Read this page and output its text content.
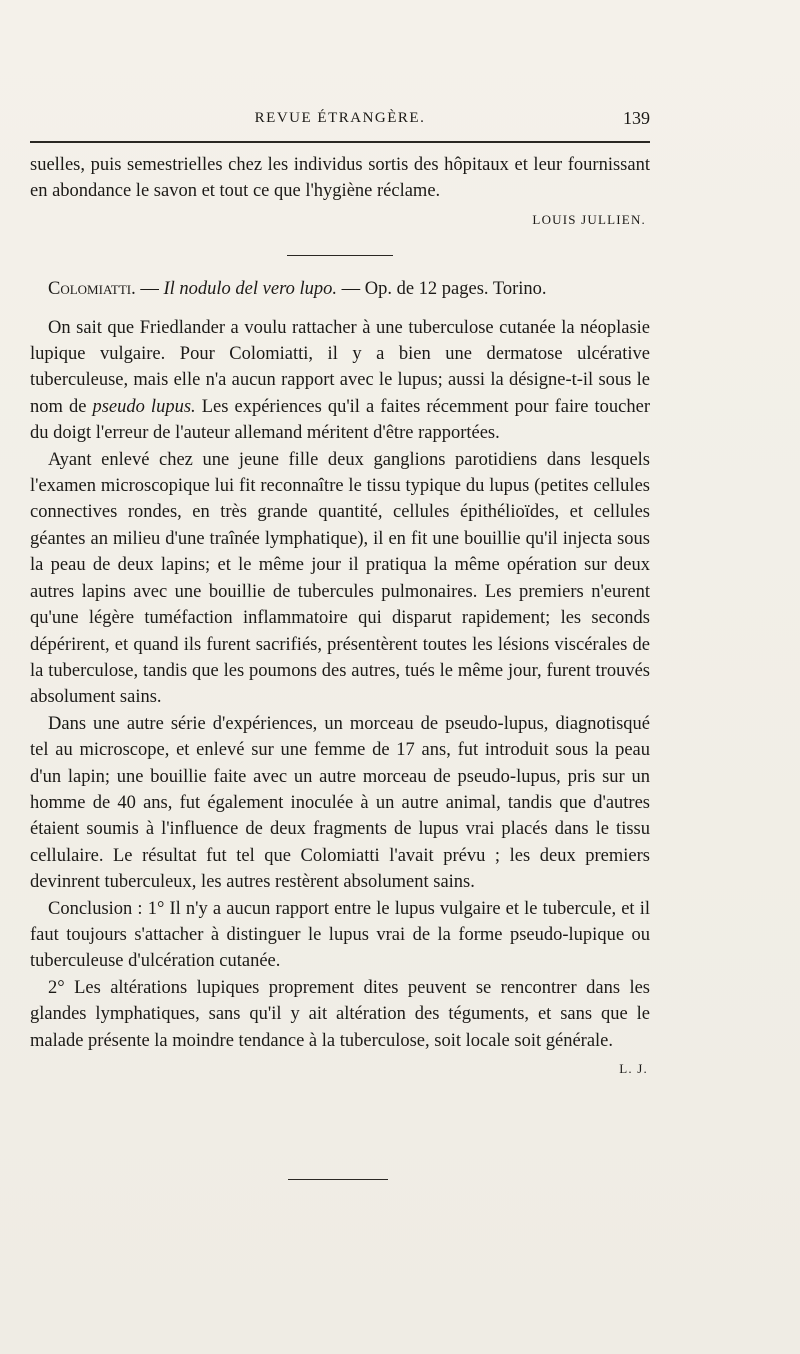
REVUE ÉTRANGÈRE.	139

suelles, puis semestrielles chez les individus sortis des hôpitaux et leur fournissant en abondance le savon et tout ce que l'hygiène réclame.

LOUIS JULLIEN.

Colomiatti. — Il nodulo del vero lupo. — Op. de 12 pages. Torino.

On sait que Friedlander a voulu rattacher à une tuberculose cutanée la néoplasie lupique vulgaire. Pour Colomiatti, il y a bien une dermatose ulcérative tuberculeuse, mais elle n'a aucun rapport avec le lupus; aussi la désigne-t-il sous le nom de pseudo lupus. Les expériences qu'il a faites récemment pour faire toucher du doigt l'erreur de l'auteur allemand méritent d'être rapportées.

Ayant enlevé chez une jeune fille deux ganglions parotidiens dans lesquels l'examen microscopique lui fit reconnaître le tissu typique du lupus (petites cellules connectives rondes, en très grande quantité, cellules épithélioïdes, et cellules géantes an milieu d'une traînée lymphatique), il en fit une bouillie qu'il injecta sous la peau de deux lapins; et le même jour il pratiqua la même opération sur deux autres lapins avec une bouillie de tubercules pulmonaires. Les premiers n'eurent qu'une légère tuméfaction inflammatoire qui disparut rapidement; les seconds dépérirent, et quand ils furent sacrifiés, présentèrent toutes les lésions viscérales de la tuberculose, tandis que les poumons des autres, tués le même jour, furent trouvés absolument sains.

Dans une autre série d'expériences, un morceau de pseudo-lupus, diagnotisqué tel au microscope, et enlevé sur une femme de 17 ans, fut introduit sous la peau d'un lapin; une bouillie faite avec un autre morceau de pseudo-lupus, pris sur un homme de 40 ans, fut également inoculée à un autre animal, tandis que d'autres étaient soumis à l'influence de deux fragments de lupus vrai placés dans le tissu cellulaire. Le résultat fut tel que Colomiatti l'avait prévu ; les deux premiers devinrent tuberculeux, les autres restèrent absolument sains.

Conclusion : 1° Il n'y a aucun rapport entre le lupus vulgaire et le tubercule, et il faut toujours s'attacher à distinguer le lupus vrai de la forme pseudo-lupique ou tuberculeuse d'ulcération cutanée.

2° Les altérations lupiques proprement dites peuvent se rencontrer dans les glandes lymphatiques, sans qu'il y ait altération des téguments, et sans que le malade présente la moindre tendance à la tuberculose, soit locale soit générale.
L. J.
